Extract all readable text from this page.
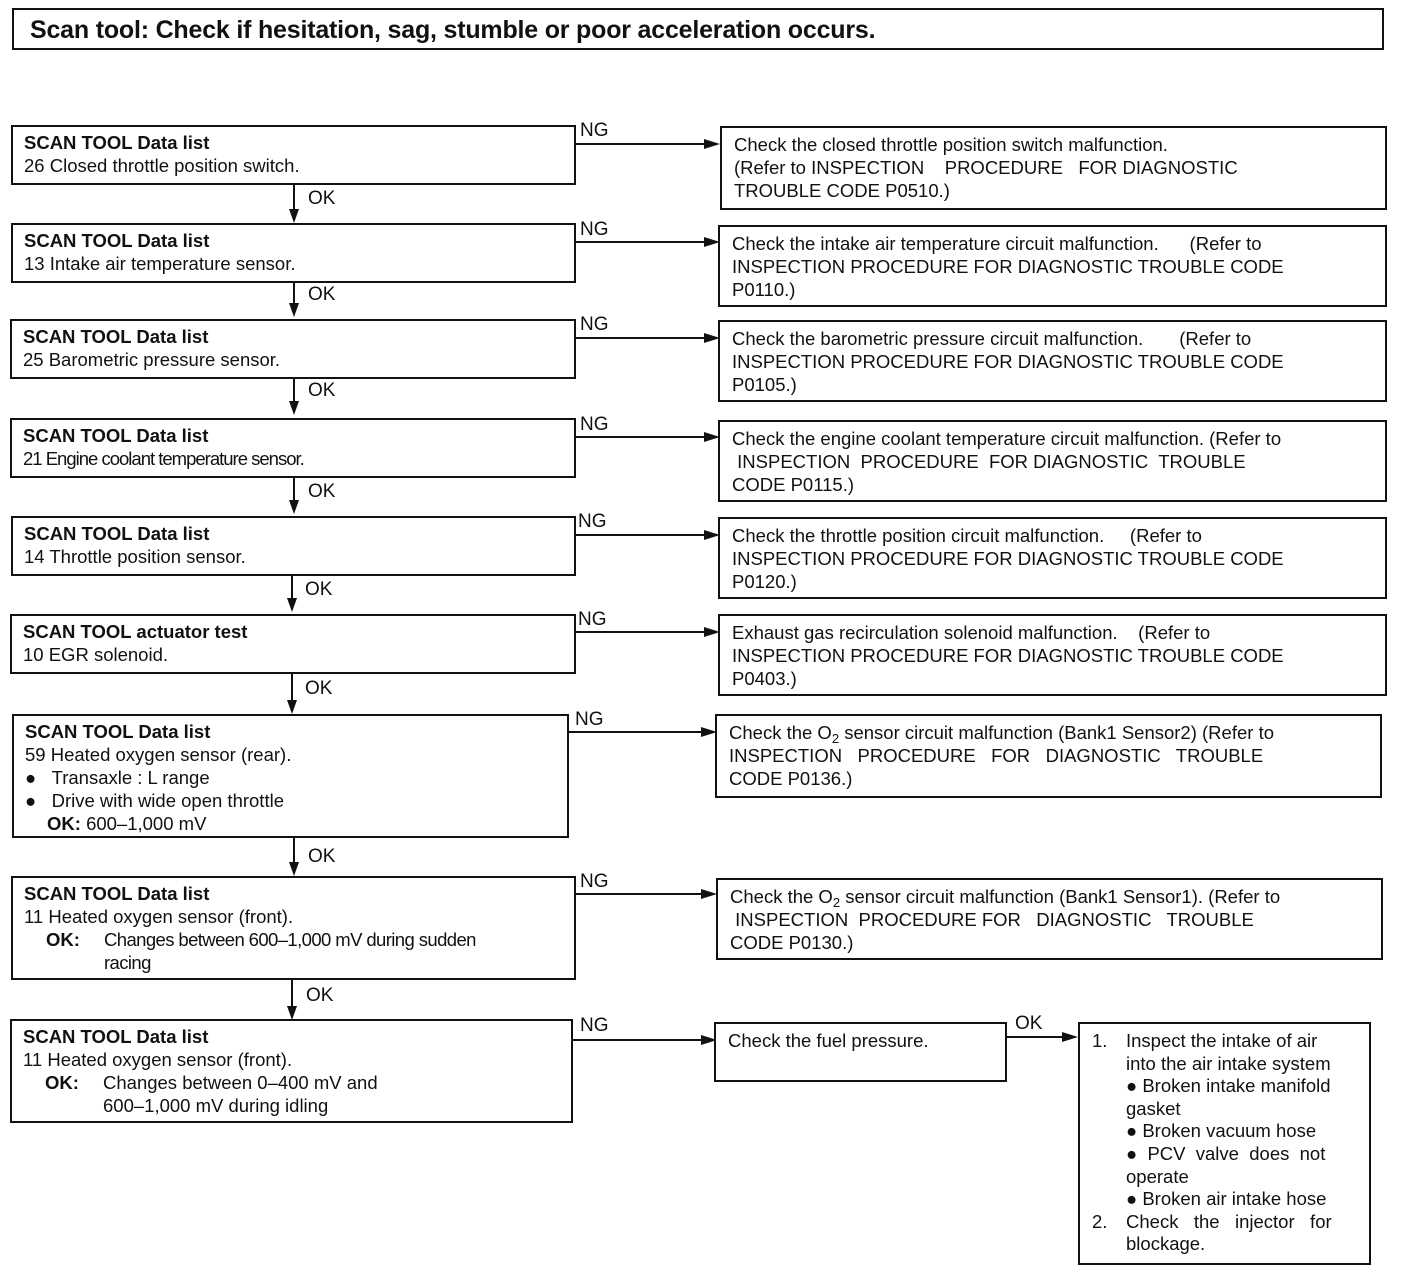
Scan tool: Check if hesitation, sag, stumble or poor acceleration occurs.
SCAN TOOL Data list
26 Closed throttle position switch.
NG
Check the closed throttle position switch malfunction.
(Refer to INSPECTION    PROCEDURE   FOR DIAGNOSTIC
TROUBLE CODE P0510.)
OK
SCAN TOOL Data list
13 Intake air temperature sensor.
NG
Check the intake air temperature circuit malfunction.      (Refer to
INSPECTION PROCEDURE FOR DIAGNOSTIC TROUBLE CODE
P0110.)
OK
SCAN TOOL Data list
25 Barometric pressure sensor.
NG
Check the barometric pressure circuit malfunction.       (Refer to
INSPECTION PROCEDURE FOR DIAGNOSTIC TROUBLE CODE
P0105.)
OK
SCAN TOOL Data list
21 Engine coolant temperature sensor.
NG
Check the engine coolant temperature circuit malfunction. (Refer to
INSPECTION  PROCEDURE  FOR DIAGNOSTIC  TROUBLE
CODE P0115.)
OK
SCAN TOOL Data list
14 Throttle position sensor.
NG
Check the throttle position circuit malfunction.     (Refer to
INSPECTION PROCEDURE FOR DIAGNOSTIC TROUBLE CODE
P0120.)
OK
SCAN TOOL actuator test
10 EGR solenoid.
NG
Exhaust gas recirculation solenoid malfunction.    (Refer to
INSPECTION PROCEDURE FOR DIAGNOSTIC TROUBLE CODE
P0403.)
OK
SCAN TOOL Data list
59 Heated oxygen sensor (rear).
●   Transaxle : L range
●   Drive with wide open throttle
OK: 600–1,000 mV
NG
Check the $O_2$ sensor circuit malfunction (Bank1 Sensor2) (Refer to
INSPECTION   PROCEDURE   FOR   DIAGNOSTIC   TROUBLE
CODE P0136.)
OK
SCAN TOOL Data list
11 Heated oxygen sensor (front).
OK:	Changes between 600–1,000 mV during sudden
racing
NG
Check the $O_2$ sensor circuit malfunction (Bank1 Sensor1). (Refer to
INSPECTION  PROCEDURE FOR   DIAGNOSTIC   TROUBLE
CODE P0130.)
OK
SCAN TOOL Data list
11 Heated oxygen sensor (front).
OK:	Changes between 0–400 mV and
600–1,000 mV during idling
NG
Check the fuel pressure.
OK
1.	Inspect the intake of air
into the air intake system
● Broken intake manifold
gasket
● Broken vacuum hose
●  PCV  valve  does  not
operate
● Broken air intake hose
2.	Check   the   injector   for
blockage.
